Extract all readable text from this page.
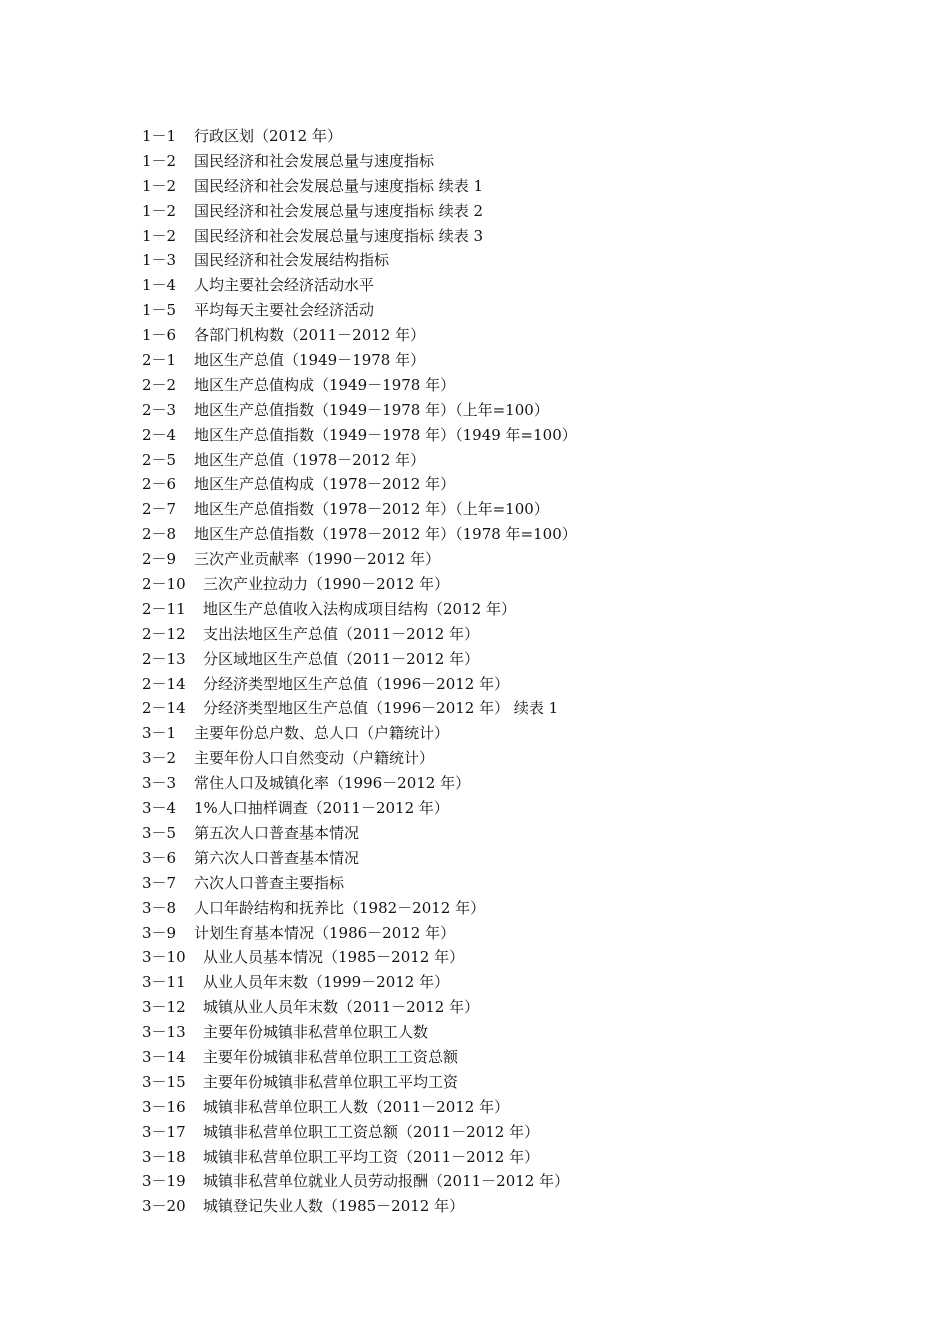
1－1	行政区划（2012 年）
1－2	国民经济和社会发展总量与速度指标
1－2	国民经济和社会发展总量与速度指标 续表 1
1－2	国民经济和社会发展总量与速度指标 续表 2
1－2	国民经济和社会发展总量与速度指标 续表 3
1－3	国民经济和社会发展结构指标
1－4	人均主要社会经济活动水平
1－5	平均每天主要社会经济活动
1－6	各部门机构数（2011－2012 年）
2－1	地区生产总值（1949－1978 年）
2－2	地区生产总值构成（1949－1978 年）
2－3	地区生产总值指数（1949－1978 年）（上年=100）
2－4	地区生产总值指数（1949－1978 年）（1949 年=100）
2－5	地区生产总值（1978－2012 年）
2－6	地区生产总值构成（1978－2012 年）
2－7	地区生产总值指数（1978－2012 年）（上年=100）
2－8	地区生产总值指数（1978－2012 年）（1978 年=100）
2－9	三次产业贡献率（1990－2012 年）
2－10	三次产业拉动力（1990－2012 年）
2－11	地区生产总值收入法构成项目结构（2012 年）
2－12	支出法地区生产总值（2011－2012 年）
2－13	分区域地区生产总值（2011－2012 年）
2－14	分经济类型地区生产总值（1996－2012 年）
2－14	分经济类型地区生产总值（1996－2012 年） 续表 1
3－1	主要年份总户数、总人口（户籍统计）
3－2	主要年份人口自然变动（户籍统计）
3－3	常住人口及城镇化率（1996－2012 年）
3－4	1%人口抽样调查（2011－2012 年）
3－5	第五次人口普查基本情况
3－6	第六次人口普查基本情况
3－7	六次人口普查主要指标
3－8	人口年龄结构和抚养比（1982－2012 年）
3－9	计划生育基本情况（1986－2012 年）
3－10	从业人员基本情况（1985－2012 年）
3－11	从业人员年末数（1999－2012 年）
3－12	城镇从业人员年末数（2011－2012 年）
3－13	主要年份城镇非私营单位职工人数
3－14	主要年份城镇非私营单位职工工资总额
3－15	主要年份城镇非私营单位职工平均工资
3－16	城镇非私营单位职工人数（2011－2012 年）
3－17	城镇非私营单位职工工资总额（2011－2012 年）
3－18	城镇非私营单位职工平均工资（2011－2012 年）
3－19	城镇非私营单位就业人员劳动报酬（2011－2012 年）
3－20	城镇登记失业人数（1985－2012 年）
